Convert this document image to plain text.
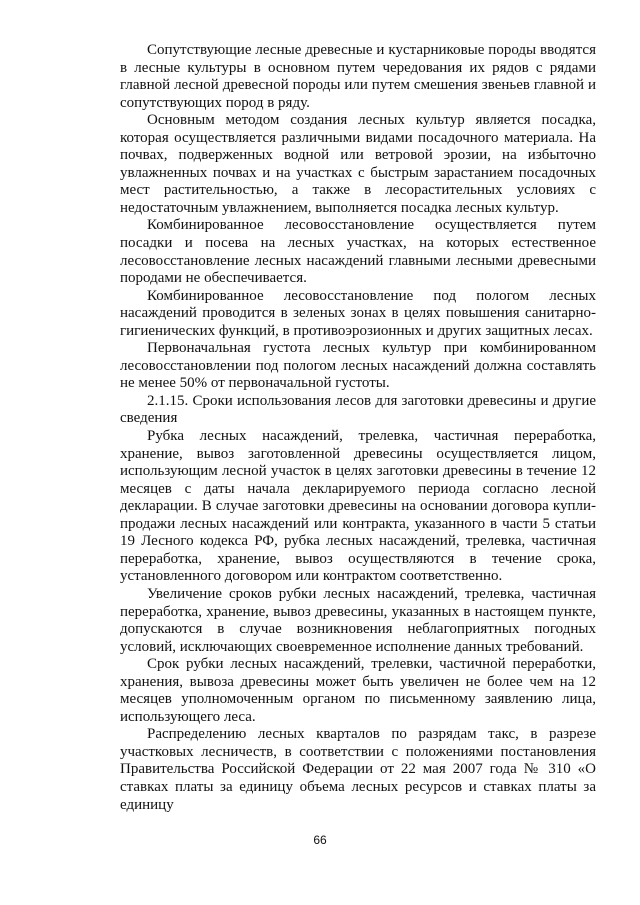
Сопутствующие лесные древесные и кустарниковые породы вводятся в лесные культуры в основном путем чередования их рядов с рядами главной лесной древесной породы или путем смешения звеньев главной и сопутствующих пород в ряду.

Основным методом создания лесных культур является посадка, которая осуществляется различными видами посадочного материала. На почвах, подверженных водной или ветровой эрозии, на избыточно увлажненных почвах и на участках с быстрым зарастанием посадочных мест растительностью, а также в лесорастительных условиях с недостаточным увлажнением, выполняется посадка лесных культур.

Комбинированное лесовосстановление осуществляется путем посадки и посева на лесных участках, на которых естественное лесовосстановление лесных насаждений главными лесными древесными породами не обеспечивается.

Комбинированное лесовосстановление под пологом лесных насаждений проводится в зеленых зонах в целях повышения санитарно-гигиенических функций, в противоэрозионных и других защитных лесах.

Первоначальная густота лесных культур при комбинированном лесовосстановлении под пологом лесных насаждений должна составлять не менее 50% от первоначальной густоты.

2.1.15. Сроки использования лесов для заготовки древесины и другие сведения

Рубка лесных насаждений, трелевка, частичная переработка, хранение, вывоз заготовленной древесины осуществляется лицом, использующим лесной участок в целях заготовки древесины в течение 12 месяцев с даты начала декларируемого периода согласно лесной декларации. В случае заготовки древесины на основании договора купли-продажи лесных насаждений или контракта, указанного в части 5 статьи 19 Лесного кодекса РФ, рубка лесных насаждений, трелевка, частичная переработка, хранение, вывоз осуществляются в течение срока, установленного договором или контрактом соответственно.

Увеличение сроков рубки лесных насаждений, трелевка, частичная переработка, хранение, вывоз древесины, указанных в настоящем пункте, допускаются в случае возникновения неблагоприятных погодных условий, исключающих своевременное исполнение данных требований.

Срок рубки лесных насаждений, трелевки, частичной переработки, хранения, вывоза древесины может быть увеличен не более чем на 12 месяцев уполномоченным органом по письменному заявлению лица, использующего леса.

Распределению лесных кварталов по разрядам такс, в разрезе участковых лесничеств, в соответствии с положениями постановления Правительства Российской Федерации от 22 мая 2007 года № 310 «О ставках платы за единицу объема лесных ресурсов и ставках платы за единицу

66
